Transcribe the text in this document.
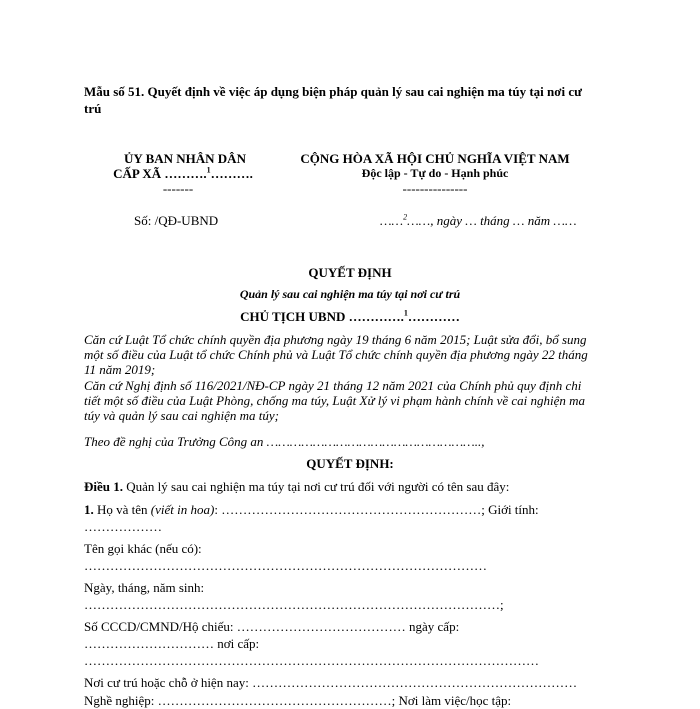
Mẫu số 51. Quyết định về việc áp dụng biện pháp quản lý sau cai nghiện ma túy tại nơi cư
trú
ỦY BAN NHÂN DÂN
CẤP XÃ ……….$^1$……….
-------
CỘNG HÒA XÃ HỘI CHỦ NGHĨA VIỆT NAM
Độc lập - Tự do - Hạnh phúc
---------------
Số: /QĐ-UBND	……$^2$……, ngày … tháng … năm ……
QUYẾT ĐỊNH
Quản lý sau cai nghiện ma túy tại nơi cư trú
CHỦ TỊCH UBND ………….$^1$…………
Căn cứ Luật Tổ chức chính quyền địa phương ngày 19 tháng 6 năm 2015; Luật sửa đổi, bổ sung
một số điều của Luật tổ chức Chính phủ và Luật Tổ chức chính quyền địa phương ngày 22 tháng
11 năm 2019;
Căn cứ Nghị định số 116/2021/NĐ-CP ngày 21 tháng 12 năm 2021 của Chính phủ quy định chi
tiết một số điều của Luật Phòng, chống ma túy, Luật Xử lý vi phạm hành chính về cai nghiện ma
túy và quản lý sau cai nghiện ma túy;
Theo đề nghị của Trưởng Công an ………………………………………………..,
QUYẾT ĐỊNH:
Điều 1. Quản lý sau cai nghiện ma túy tại nơi cư trú đối với người có tên sau đây:
1. Họ và tên (viết in hoa): ……………………………………………………; Giới tính:
………………
Tên gọi khác (nếu có):
…………………………………………………………………………………
Ngày, tháng, năm sinh:
……………………………………………………………………………………;
Số CCCD/CMND/Hộ chiếu: ………………………………… ngày cấp:
………………………… nơi cấp:
……………………………………………………………………………………………
Nơi cư trú hoặc chỗ ở hiện nay: …………………………………………………………………
Nghề nghiệp: ………………………………………………; Nơi làm việc/học tập:
